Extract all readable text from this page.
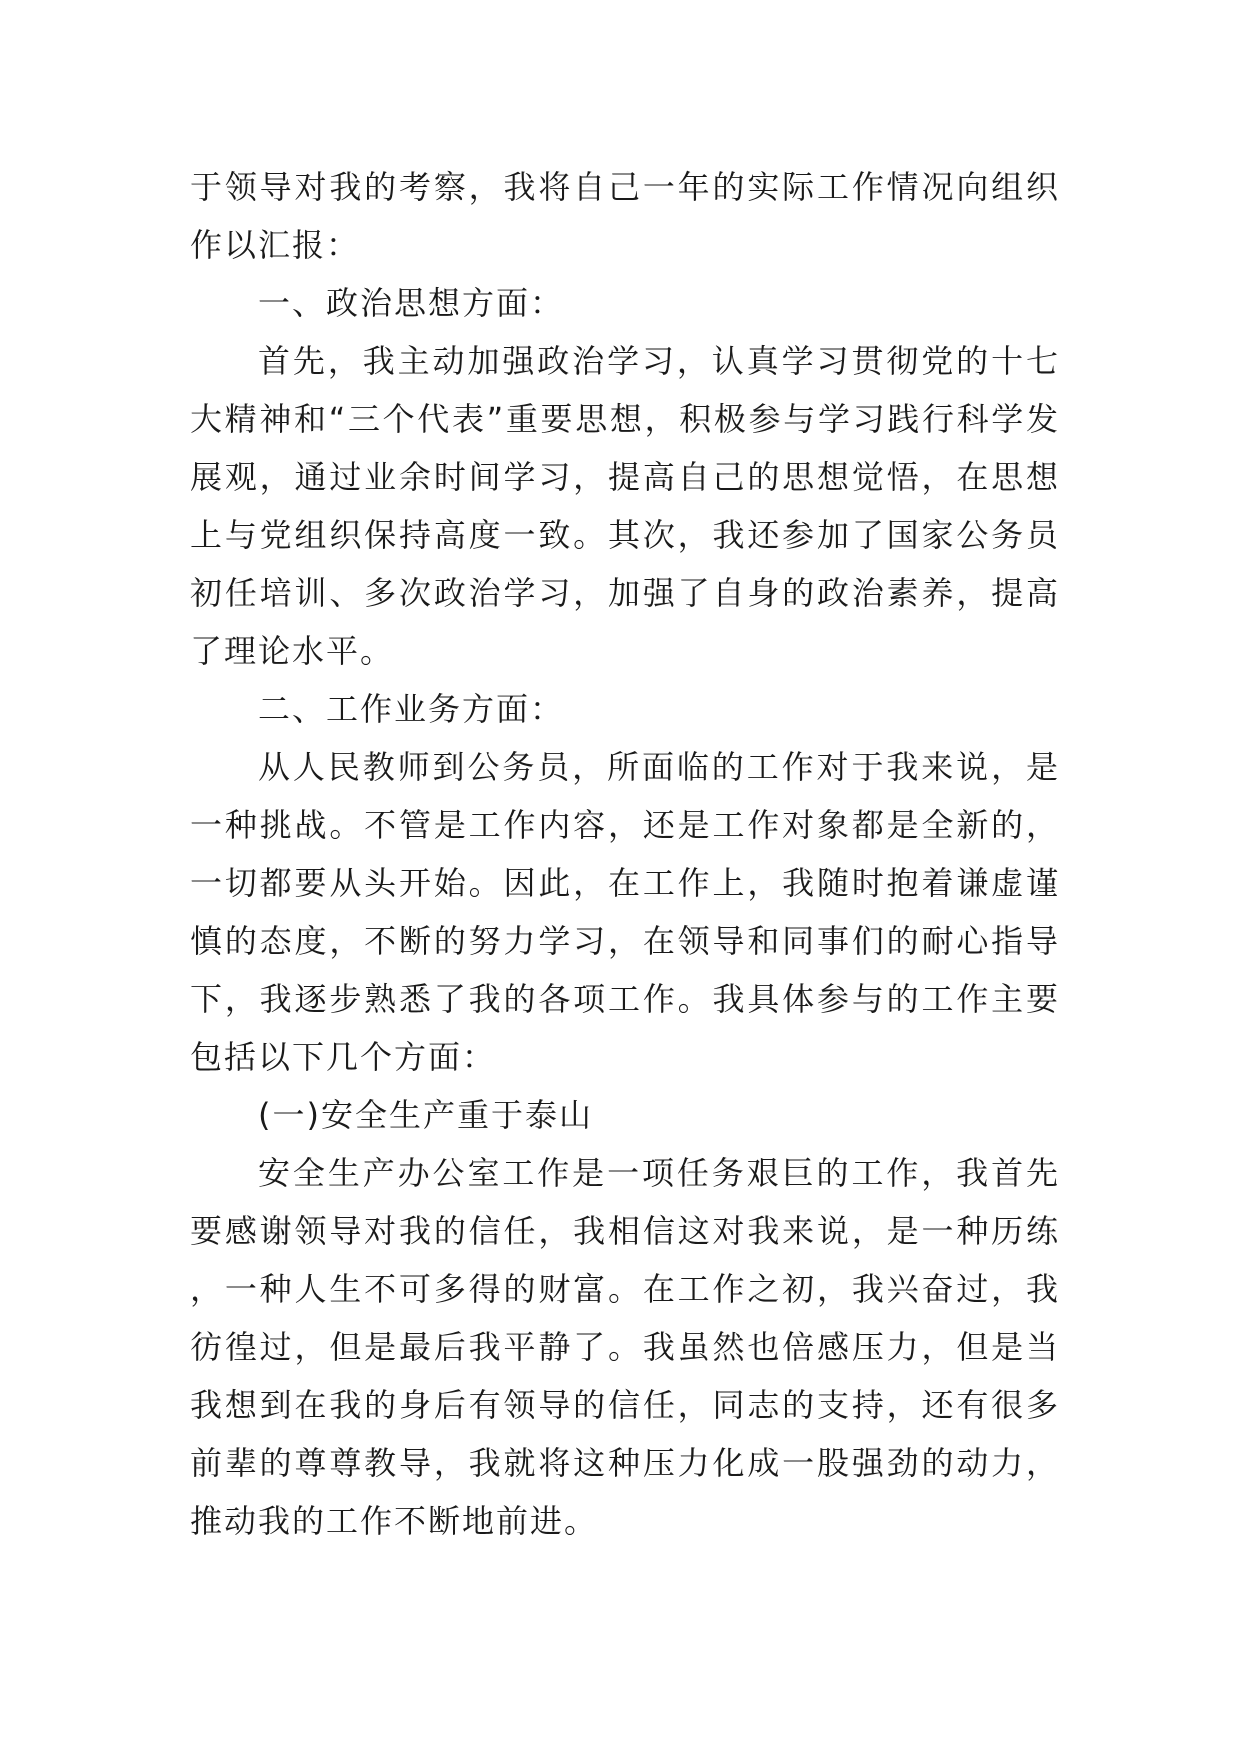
于领导对我的考察，我将自己一年的实际工作情况向组织作以汇报：

一、政治思想方面：

首先，我主动加强政治学习，认真学习贯彻党的十七大精神和“三个代表”重要思想，积极参与学习践行科学发展观，通过业余时间学习，提高自己的思想觉悟，在思想上与党组织保持高度一致。其次，我还参加了国家公务员初任培训、多次政治学习，加强了自身的政治素养，提高了理论水平。

二、工作业务方面：

从人民教师到公务员，所面临的工作对于我来说，是一种挑战。不管是工作内容，还是工作对象都是全新的，一切都要从头开始。因此，在工作上，我随时抱着谦虚谨慎的态度，不断的努力学习，在领导和同事们的耐心指导下，我逐步熟悉了我的各项工作。我具体参与的工作主要包括以下几个方面：

(一)安全生产重于泰山

安全生产办公室工作是一项任务艰巨的工作，我首先要感谢领导对我的信任，我相信这对我来说，是一种历练，一种人生不可多得的财富。在工作之初，我兴奋过，我彷徨过，但是最后我平静了。我虽然也倍感压力，但是当我想到在我的身后有领导的信任，同志的支持，还有很多前辈的尊尊教导，我就将这种压力化成一股强劲的动力，推动我的工作不断地前进。
